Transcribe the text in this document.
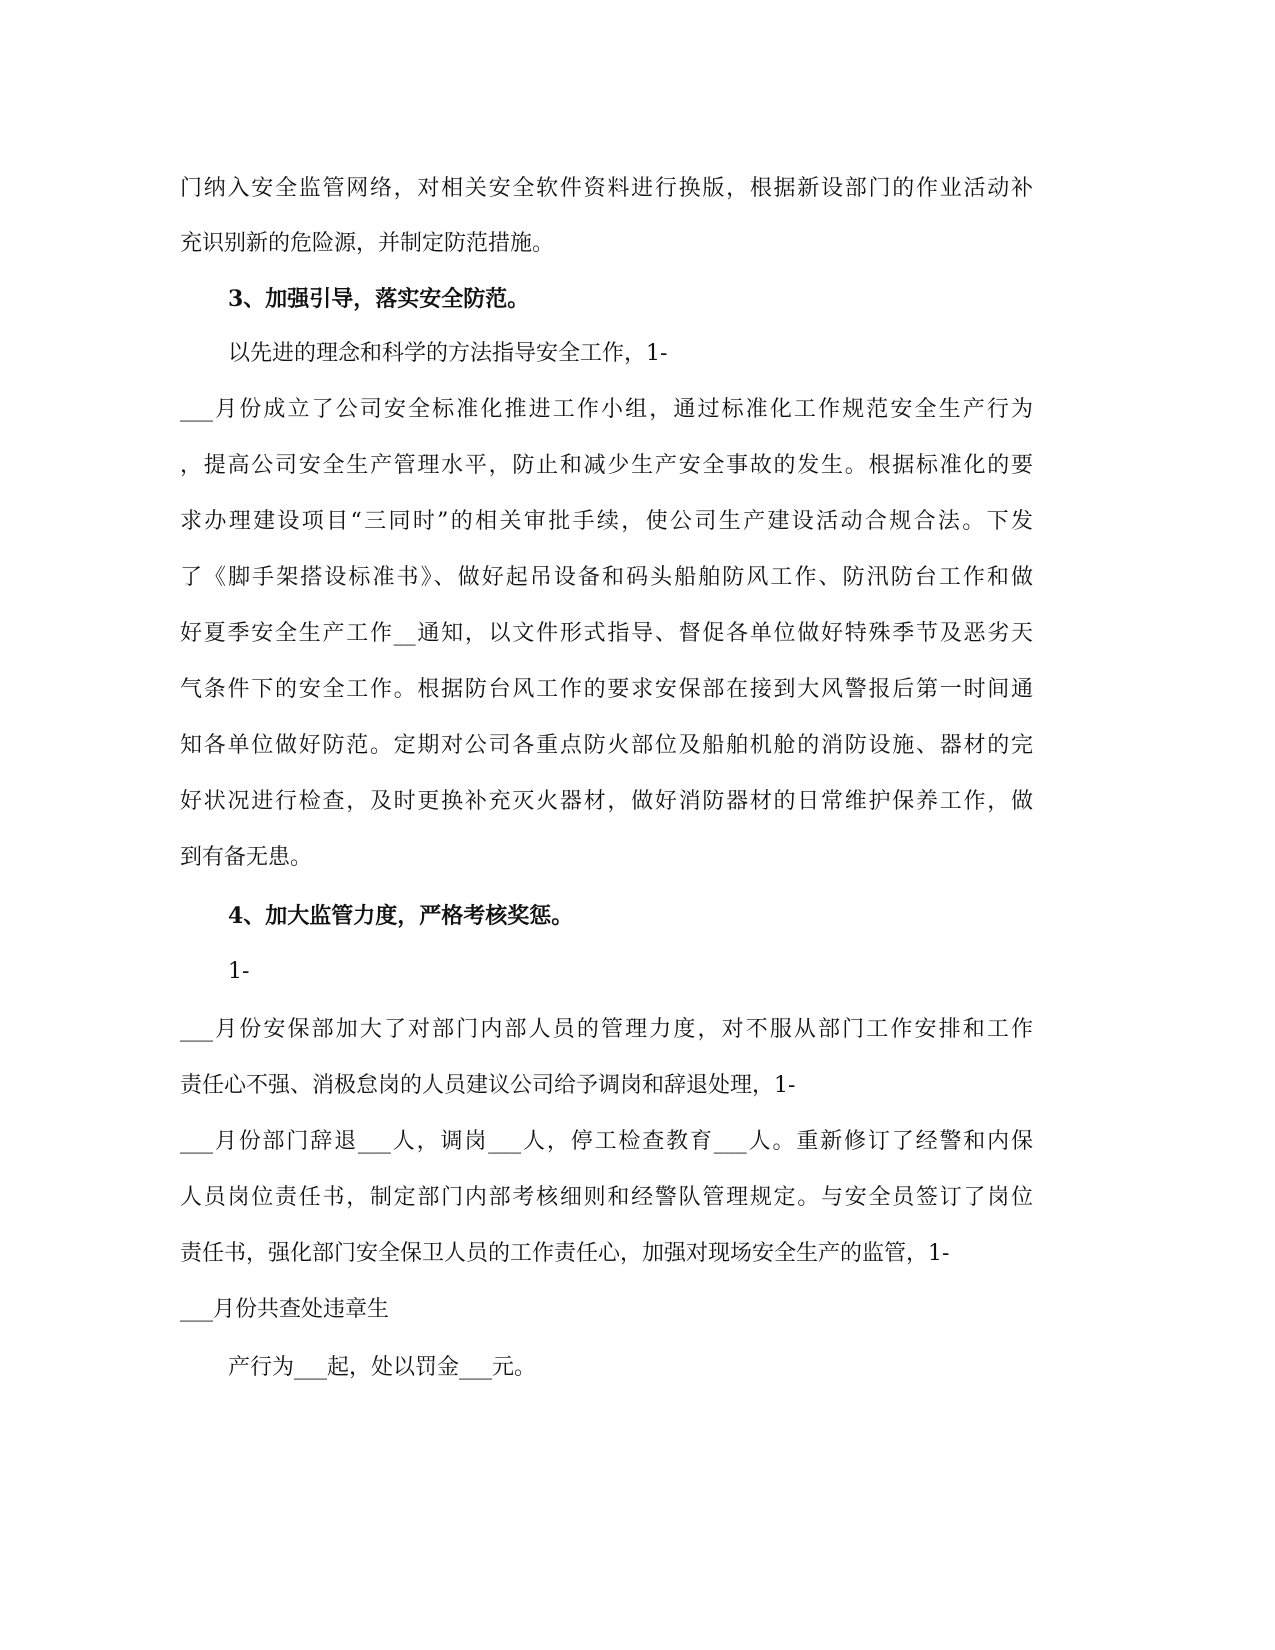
门纳入安全监管网络，对相关安全软件资料进行换版，根据新设部门的作业活动补
充识别新的危险源，并制定防范措施。
3、加强引导，落实安全防范。
以先进的理念和科学的方法指导安全工作，1-
___月份成立了公司安全标准化推进工作小组，通过标准化工作规范安全生产行为
，提高公司安全生产管理水平，防止和减少生产安全事故的发生。根据标准化的要
求办理建设项目“三同时”的相关审批手续，使公司生产建设活动合规合法。下发
了《脚手架搭设标准书》、做好起吊设备和码头船舶防风工作、防汛防台工作和做
好夏季安全生产工作__通知，以文件形式指导、督促各单位做好特殊季节及恶劣天
气条件下的安全工作。根据防台风工作的要求安保部在接到大风警报后第一时间通
知各单位做好防范。定期对公司各重点防火部位及船舶机舱的消防设施、器材的完
好状况进行检查，及时更换补充灭火器材，做好消防器材的日常维护保养工作，做
到有备无患。
4、加大监管力度，严格考核奖惩。
1-
___月份安保部加大了对部门内部人员的管理力度，对不服从部门工作安排和工作
责任心不强、消极怠岗的人员建议公司给予调岗和辞退处理，1-
___月份部门辞退___人，调岗___人，停工检查教育___人。重新修订了经警和内保
人员岗位责任书，制定部门内部考核细则和经警队管理规定。与安全员签订了岗位
责任书，强化部门安全保卫人员的工作责任心，加强对现场安全生产的监管，1-
___月份共查处违章生
产行为___起，处以罚金___元。
